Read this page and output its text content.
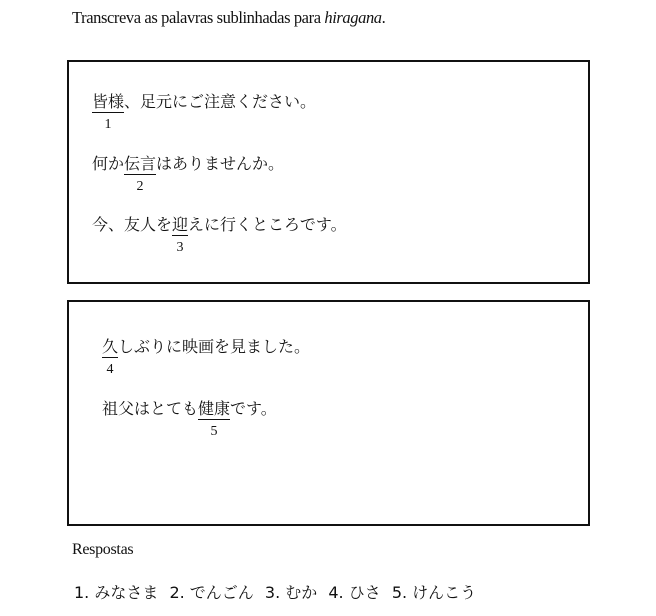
Transcreva as palavras sublinhadas para hiragana.
皆様
1
、足元にご注意ください。
何か伝言
2
はありませんか。
今、友人を迎
3
えに行くところです。
久
4
しぶりに映画を見ました。
祖父はとても健康
5
です。
Respostas
1. みなさま 2. でんごん 3. むか 4. ひさ 5. けんこう
